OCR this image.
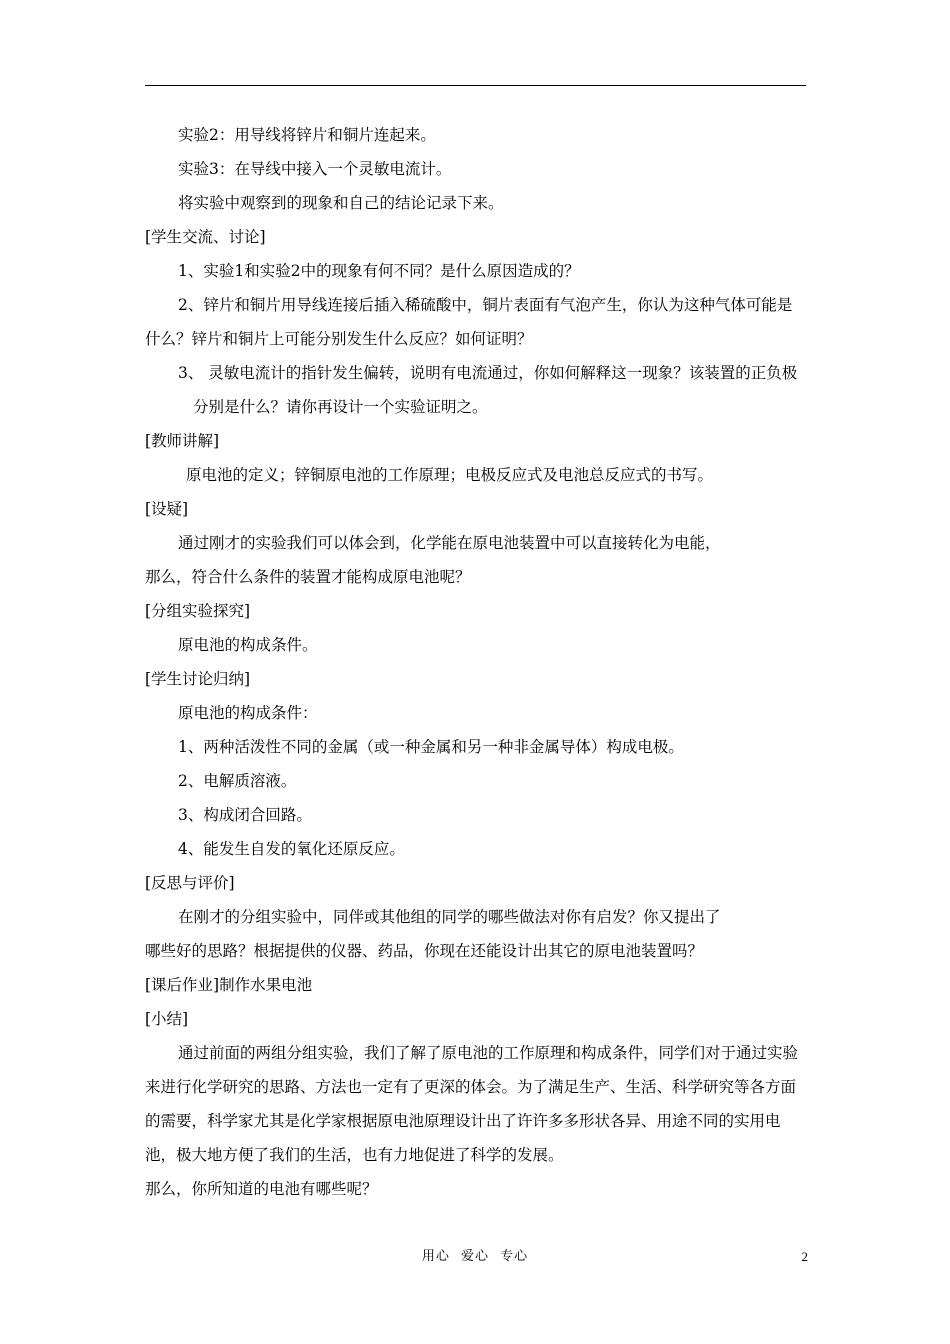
实验2：用导线将锌片和铜片连起来。
实验3：在导线中接入一个灵敏电流计。
将实验中观察到的现象和自己的结论记录下来。
[学生交流、讨论]
1、实验1和实验2中的现象有何不同？是什么原因造成的？
2、锌片和铜片用导线连接后插入稀硫酸中，铜片表面有气泡产生，你认为这种气体可能是什么？锌片和铜片上可能分别发生什么反应？如何证明？
3、 灵敏电流计的指针发生偏转，说明有电流通过，你如何解释这一现象？该装置的正负极分别是什么？请你再设计一个实验证明之。
[教师讲解]
原电池的定义；锌铜原电池的工作原理；电极反应式及电池总反应式的书写。
[设疑]
通过刚才的实验我们可以体会到，化学能在原电池装置中可以直接转化为电能，
那么，符合什么条件的装置才能构成原电池呢？
[分组实验探究]
原电池的构成条件。
[学生讨论归纳]
原电池的构成条件：
1、两种活泼性不同的金属（或一种金属和另一种非金属导体）构成电极。
2、电解质溶液。
3、构成闭合回路。
4、能发生自发的氧化还原反应。
[反思与评价]
在刚才的分组实验中，同伴或其他组的同学的哪些做法对你有启发？你又提出了
哪些好的思路？根据提供的仪器、药品，你现在还能设计出其它的原电池装置吗？
[课后作业]制作水果电池
[小结]
通过前面的两组分组实验，我们了解了原电池的工作原理和构成条件，同学们对于通过实验来进行化学研究的思路、方法也一定有了更深的体会。为了满足生产、生活、科学研究等各方面的需要，科学家尤其是化学家根据原电池原理设计出了许许多多形状各异、用途不同的实用电池，极大地方便了我们的生活，也有力地促进了科学的发展。
那么，你所知道的电池有哪些呢？
用心 爱心 专心	2
